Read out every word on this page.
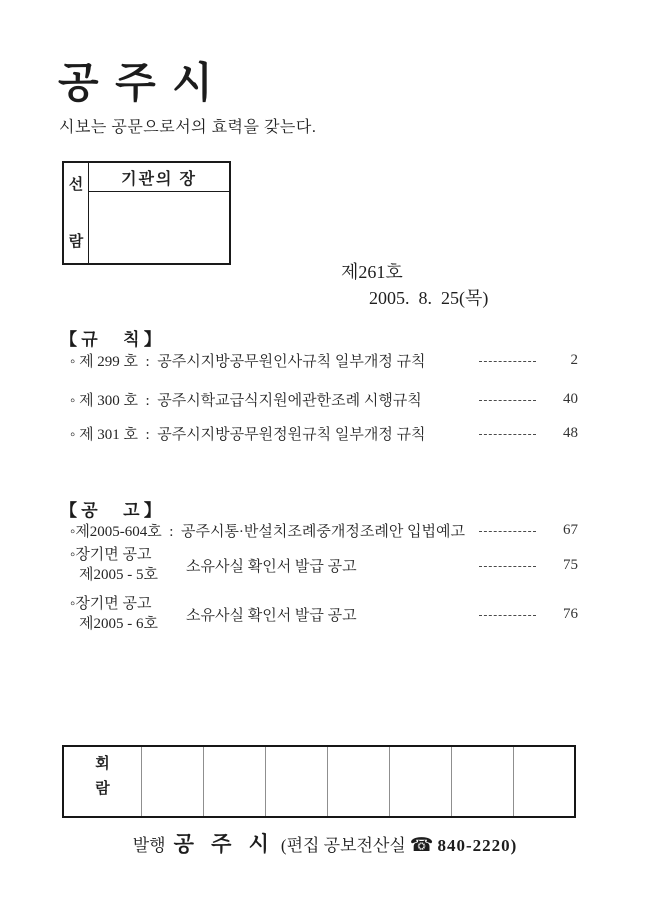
공 주 시

시보는 공문으로서의 효력을 갖는다.

선
람
기관의 장

제261호
2005.  8.  25(목)

【 규      칙 】
◦ 제 299 호  :  공주시지방공무원인사규칙 일부개정 규칙	2
◦ 제 300 호  :  공주시학교급식지원에관한조례 시행규칙	40
◦ 제 301 호  :  공주시지방공무원정원규칙 일부개정 규칙	48
【 공      고 】
◦제2005-604호  :  공주시통·반설치조례중개정조례안 입법예고	67
◦장기면 공고
제2005 - 5호
소유사실 확인서 발급 공고	75
◦장기면 공고
제2005 - 6호
소유사실 확인서 발급 공고	76
회
람
발행 공 주 시 (편집 공보전산실 ☎ 840-2220)
